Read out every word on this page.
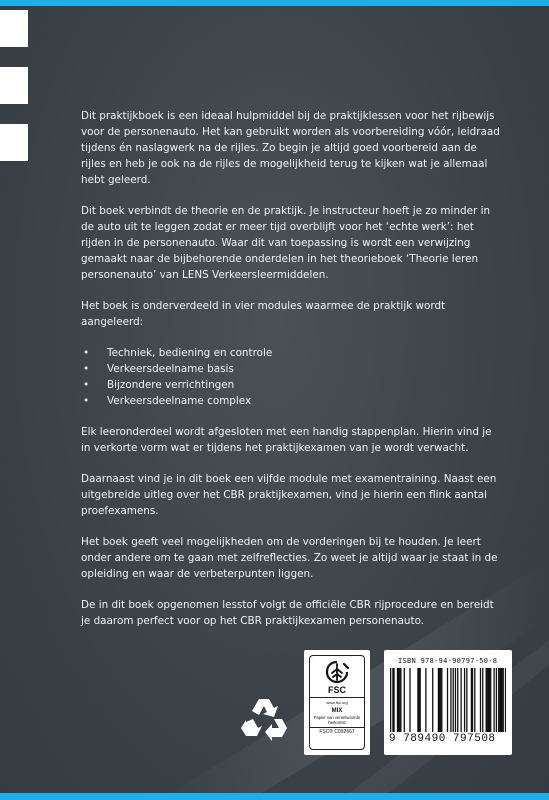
Dit praktijkboek is een ideaal hulpmiddel bij de praktijklessen voor het rijbewijs voor de personenauto. Het kan gebruikt worden als voorbereiding vóór, leidraad tijdens én naslagwerk na de rijles. Zo begin je altijd goed voorbereid aan de rijles en heb je ook na de rijles de mogelijkheid terug te kijken wat je allemaal hebt geleerd.

Dit boek verbindt de theorie en de praktijk. Je instructeur hoeft je zo minder in de auto uit te leggen zodat er meer tijd overblijft voor het ‘echte werk’: het rijden in de personenauto. Waar dit van toepassing is wordt een verwijzing gemaakt naar de bijbehorende onderdelen in het theorieboek ‘Theorie leren personenauto’ van LENS Verkeersleermiddelen.

Het boek is onderverdeeld in vier modules waarmee de praktijk wordt aangeleerd:

• Techniek, bediening en controle
• Verkeersdeelname basis
• Bijzondere verrichtingen
• Verkeersdeelname complex

Elk leeronderdeel wordt afgesloten met een handig stappenplan. Hierin vind je in verkorte vorm wat er tijdens het praktijkexamen van je wordt verwacht.

Daarnaast vind je in dit boek een vijfde module met examentraining. Naast een uitgebreide uitleg over het CBR praktijkexamen, vind je hierin een flink aantal proefexamens.

Het boek geeft veel mogelijkheden om de vorderingen bij te houden. Je leert onder andere om te gaan met zelfreflecties. Zo weet je altijd waar je staat in de opleiding en waar de verbeterpunten liggen.

De in dit boek opgenomen lesstof volgt de officiële CBR rijprocedure en bereidt je daarom perfect voor op het CBR praktijkexamen personenauto.

FSC
www.fsc.org
MIX
Papier van verantwoorde herkomst
FSC® C092667
ISBN 978-94-90797-50-8
9 789490 797508
